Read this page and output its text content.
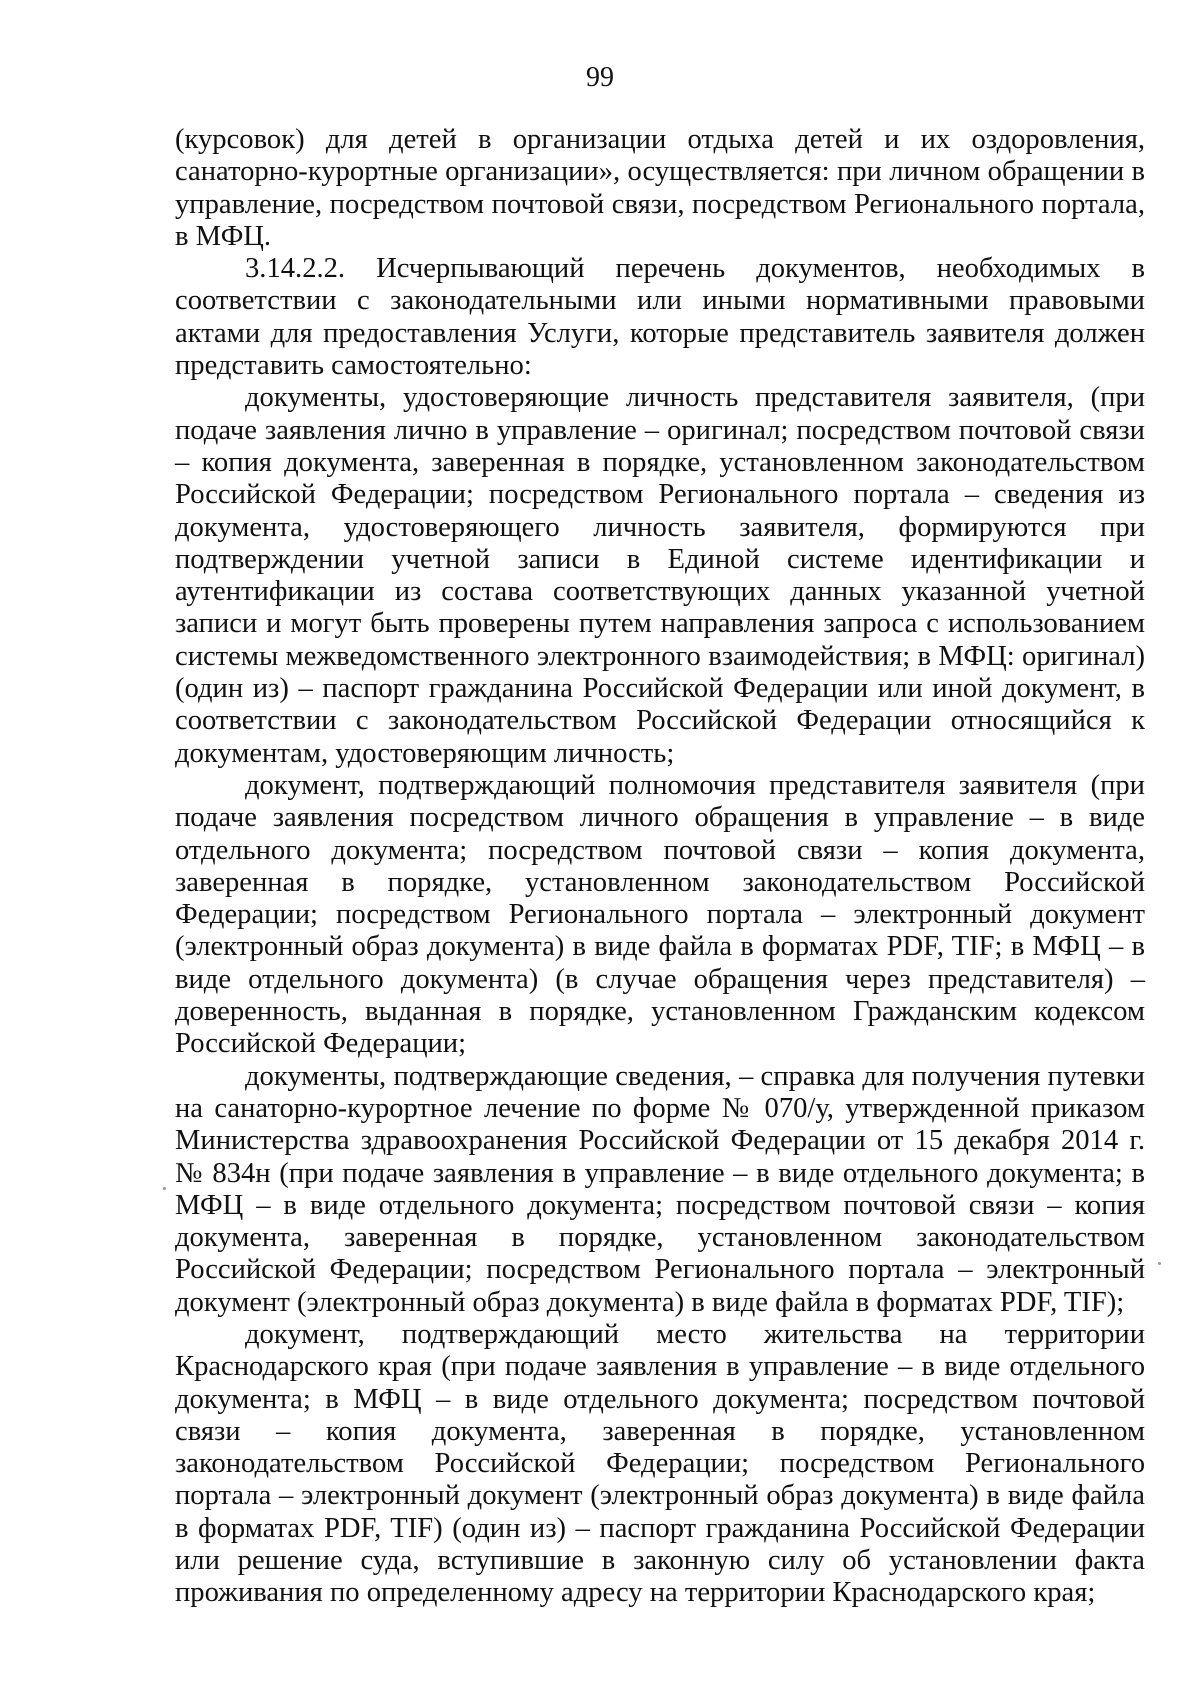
99

(курсовок) для детей в организации отдыха детей и их оздоровления, санаторно-курортные организации», осуществляется: при личном обращении в управление, посредством почтовой связи, посредством Регионального портала, в МФЦ.

3.14.2.2. Исчерпывающий перечень документов, необходимых в соответствии с законодательными или иными нормативными правовыми актами для предоставления Услуги, которые представитель заявителя должен представить самостоятельно:

документы, удостоверяющие личность представителя заявителя, (при подаче заявления лично в управление – оригинал; посредством почтовой связи – копия документа, заверенная в порядке, установленном законодательством Российской Федерации; посредством Регионального портала – сведения из документа, удостоверяющего личность заявителя, формируются при подтверждении учетной записи в Единой системе идентификации и аутентификации из состава соответствующих данных указанной учетной записи и могут быть проверены путем направления запроса с использованием системы межведомственного электронного взаимодействия; в МФЦ: оригинал) (один из) – паспорт гражданина Российской Федерации или иной документ, в соответствии с законодательством Российской Федерации относящийся к документам, удостоверяющим личность;

документ, подтверждающий полномочия представителя заявителя (при подаче заявления посредством личного обращения в управление – в виде отдельного документа; посредством почтовой связи – копия документа, заверенная в порядке, установленном законодательством Российской Федерации; посредством Регионального портала – электронный документ (электронный образ документа) в виде файла в форматах PDF, TIF; в МФЦ – в виде отдельного документа) (в случае обращения через представителя) – доверенность, выданная в порядке, установленном Гражданским кодексом Российской Федерации;

документы, подтверждающие сведения, – справка для получения путевки на санаторно-курортное лечение по форме № 070/у, утвержденной приказом Министерства здравоохранения Российской Федерации от 15 декабря 2014 г. № 834н (при подаче заявления в управление – в виде отдельного документа; в МФЦ – в виде отдельного документа; посредством почтовой связи – копия документа, заверенная в порядке, установленном законодательством Российской Федерации; посредством Регионального портала – электронный документ (электронный образ документа) в виде файла в форматах PDF, TIF);

документ, подтверждающий место жительства на территории Краснодарского края (при подаче заявления в управление – в виде отдельного документа; в МФЦ – в виде отдельного документа; посредством почтовой связи – копия документа, заверенная в порядке, установленном законодательством Российской Федерации; посредством Регионального портала – электронный документ (электронный образ документа) в виде файла в форматах PDF, TIF) (один из) – паспорт гражданина Российской Федерации или решение суда, вступившие в законную силу об установлении факта проживания по определенному адресу на территории Краснодарского края;
